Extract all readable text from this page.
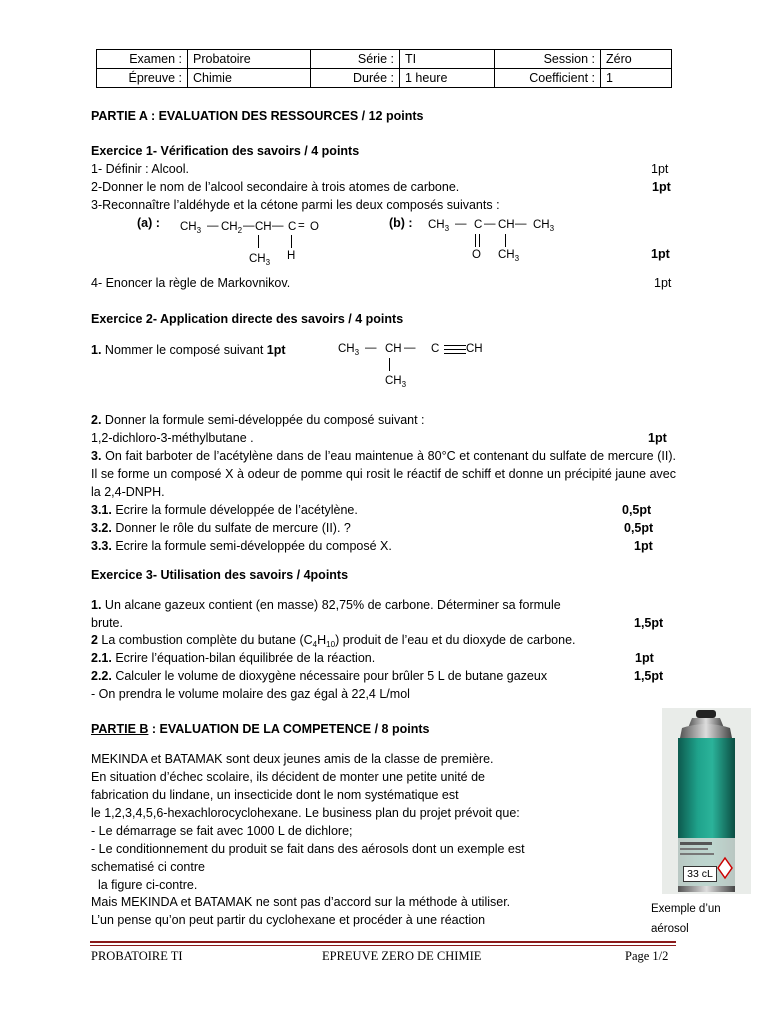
Examen :	Probatoire	Série :	TI	Session :	Zéro
Épreuve :	Chimie	Durée :	1 heure	Coefficient :	1
PARTIE A : EVALUATION DES RESSOURCES / 12 points
Exercice 1- Vérification des savoirs / 4 points
1- Définir : Alcool.	1pt
2-Donner le nom de l’alcool secondaire à trois atomes de carbone.	1pt
3-Reconnaître l’aldéhyde et la cétone parmi les deux composés suivants :
(a) : $CH_3$ — $CH_2$ — CH — C = O
$CH_3$
H
(b) : $CH_3$ — C — CH — $CH_3$
O $CH_3$	1pt
4- Enoncer la règle de Markovnikov.	1pt
Exercice 2- Application directe des savoirs / 4 points
1. Nommer le composé suivant 1pt	$CH_3$ — CH — C CH
$CH_3$
2. Donner la formule semi-développée du composé suivant :
1,2-dichloro-3-méthylbutane .	1pt
3. On fait barboter de l’acétylène dans de l’eau maintenue à 80°C et contenant du sulfate de mercure (II). Il se forme un composé X à odeur de pomme qui rosit le réactif de schiff et donne un précipité jaune avec la 2,4-DNPH.
3.1. Ecrire la formule développée de l’acétylène.	0,5pt
3.2. Donner le rôle du sulfate de mercure (II). ?	0,5pt
3.3. Ecrire la formule semi-développée du composé X.	1pt
Exercice 3- Utilisation des savoirs / 4points
1. Un alcane gazeux contient (en masse) 82,75% de carbone. Déterminer sa formule
brute.	1,5pt
2 La combustion complète du butane $(C_4H_{10})$ produit de l’eau et du dioxyde de carbone.
2.1. Ecrire l’équation-bilan équilibrée de la réaction.	1pt
2.2. Calculer le volume de dioxygène nécessaire pour brûler 5 L de butane gazeux	1,5pt
- On prendra le volume molaire des gaz égal à 22,4 L/mol
PARTIE B : EVALUATION DE LA COMPETENCE / 8 points
MEKINDA et BATAMAK sont deux jeunes amis de la classe de première.
En situation d’échec scolaire, ils décident de monter une petite unité de
fabrication du lindane, un insecticide dont le nom systématique est
le 1,2,3,4,5,6-hexachlorocyclohexane. Le business plan du projet prévoit que:
- Le démarrage se fait avec 1000 L de dichlore;
- Le conditionnement du produit se fait dans des aérosols dont un exemple est
schematisé ci contre
la figure ci-contre.
Mais MEKINDA et BATAMAK ne sont pas d’accord sur la méthode à utiliser.
L’un pense qu’on peut partir du cyclohexane et procéder à une réaction
33 cL
Exemple d’un
aérosol
PROBATOIRE TI	EPREUVE ZERO DE CHIMIE	Page 1/2
